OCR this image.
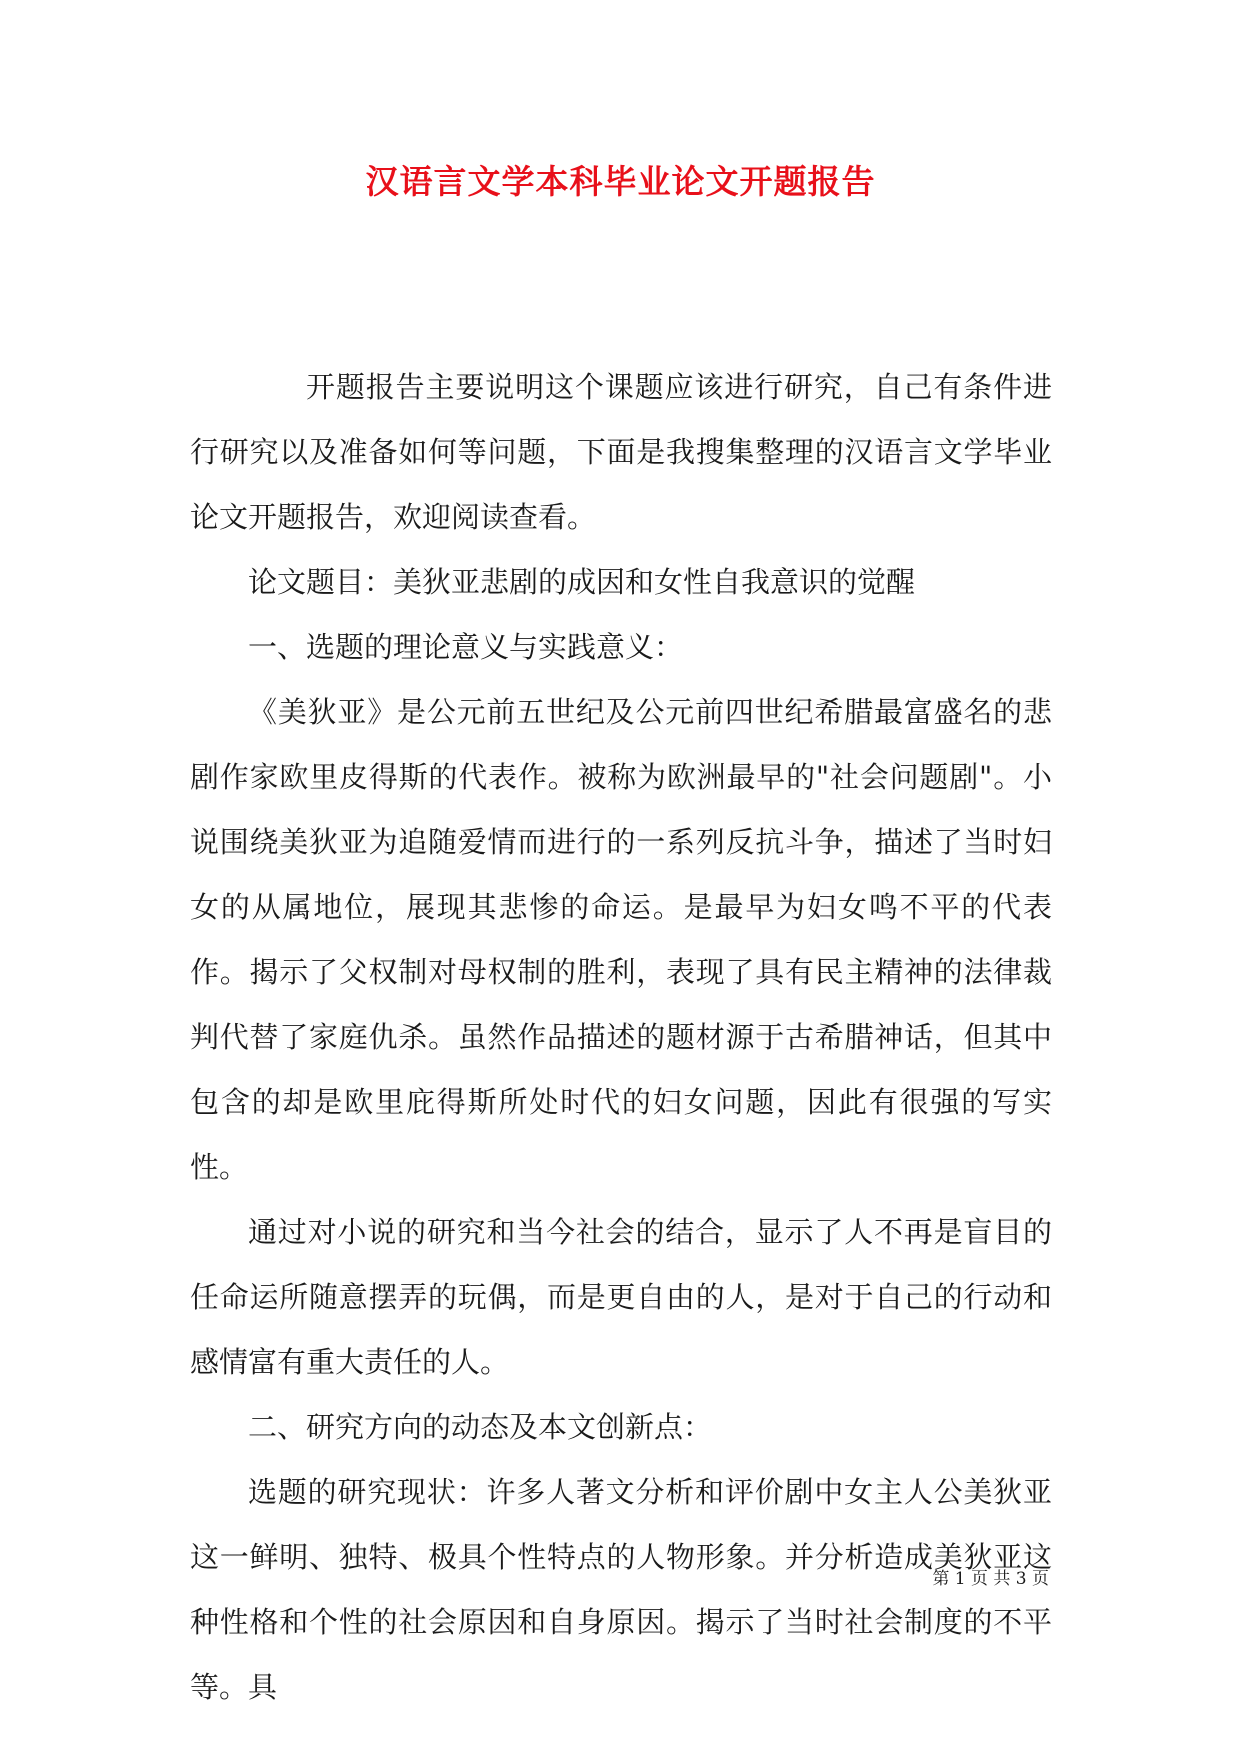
汉语言文学本科毕业论文开题报告

开题报告主要说明这个课题应该进行研究，自己有条件进行研究以及准备如何等问题，下面是我搜集整理的汉语言文学毕业论文开题报告，欢迎阅读查看。

论文题目：美狄亚悲剧的成因和女性自我意识的觉醒

一、选题的理论意义与实践意义：

《美狄亚》是公元前五世纪及公元前四世纪希腊最富盛名的悲剧作家欧里皮得斯的代表作。被称为欧洲最早的"社会问题剧"。小说围绕美狄亚为追随爱情而进行的一系列反抗斗争，描述了当时妇女的从属地位，展现其悲惨的命运。是最早为妇女鸣不平的代表作。揭示了父权制对母权制的胜利，表现了具有民主精神的法律裁判代替了家庭仇杀。虽然作品描述的题材源于古希腊神话，但其中包含的却是欧里庇得斯所处时代的妇女问题，因此有很强的写实性。

通过对小说的研究和当今社会的结合，显示了人不再是盲目的任命运所随意摆弄的玩偶，而是更自由的人，是对于自己的行动和感情富有重大责任的人。

二、研究方向的动态及本文创新点：

选题的研究现状：许多人著文分析和评价剧中女主人公美狄亚这一鲜明、独特、极具个性特点的人物形象。并分析造成美狄亚这种性格和个性的社会原因和自身原因。揭示了当时社会制度的不平等。具

第 1 页 共 3 页
